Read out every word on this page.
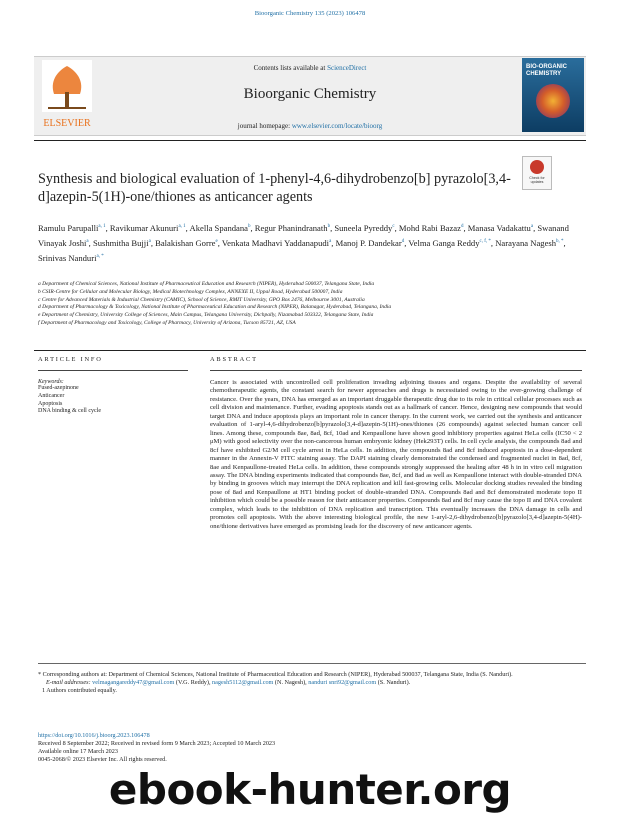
Bioorganic Chemistry 135 (2023) 106478
ELSEVIER
Contents lists available at ScienceDirect
Bioorganic Chemistry
journal homepage: www.elsevier.com/locate/bioorg
BIO-ORGANIC CHEMISTRY
Synthesis and biological evaluation of 1-phenyl-4,6-dihydrobenzo[b] pyrazolo[3,4-d]azepin-5(1H)-one/thiones as anticancer agents
Check for updates
Ramulu Parupalli$^{a, 1}$, Ravikumar Akunuri$^{a, 1}$, Akella Spandana$^b$, Regur Phanindranath$^b$, Suneela Pyreddy$^c$, Mohd Rabi Bazaz$^d$, Manasa Vadakattu$^a$, Swanand Vinayak Joshi$^a$, Sushmitha Bujji$^a$, Balakishan Gorre$^e$, Venkata Madhavi Yaddanapudi$^a$, Manoj P. Dandekar$^d$, Velma Ganga Reddy$^{c, f, *}$, Narayana Nagesh$^{b, *}$, Srinivas Nanduri$^{a, *}$
a Department of Chemical Sciences, National Institute of Pharmaceutical Education and Research (NIPER), Hyderabad 500037, Telangana State, India
b CSIR-Centre for Cellular and Molecular Biology, Medical Biotechnology Complex, ANNEXE II, Uppal Road, Hyderabad 500007, India
c Centre for Advanced Materials & Industrial Chemistry (CAMIC), School of Science, RMIT University, GPO Box 2476, Melbourne 3001, Australia
d Department of Pharmacology & Toxicology, National Institute of Pharmaceutical Education and Research (NIPER), Balanagar, Hyderabad, Telangana, India
e Department of Chemistry, University College of Sciences, Main Campus, Telangana University, Dichpally, Nizamabad 503322, Telangana State, India
f Department of Pharmacology and Toxicology, College of Pharmacy, University of Arizona, Tucson 85721, AZ, USA
ARTICLE INFO	ABSTRACT
Keywords:
Fused-azepinone
Anticancer
Apoptosis
DNA binding & cell cycle
Cancer is associated with uncontrolled cell proliferation invading adjoining tissues and organs. Despite the availability of several chemotherapeutic agents, the constant search for newer approaches and drugs is necessitated owing to the ever-growing challenge of resistance. Over the years, DNA has emerged as an important druggable therapeutic drug due to its role in critical cellular processes such as cell division and maintenance. Further, evading apoptosis stands out as a hallmark of cancer. Hence, designing new compounds that would target DNA and induce apoptosis plays an important role in cancer therapy. In the current work, we carried out the synthesis and anticancer evaluation of 1-aryl-4,6-dihydrobenzo[b]pyrazolo[3,4-d]azepin-5(1H)-ones/thiones (26 compounds) against selected human cancer cell lines. Among these, compounds 8ae, 8ad, 8cf, 10ad and Kenpaullone have shown good inhibitory properties against HeLa cells (IC50 < 2 μM) with good selectivity over the non-cancerous human embryonic kidney (Hek293T) cells. In cell cycle analysis, the compounds 8ad and 8cf have exhibited G2/M cell cycle arrest in HeLa cells. In addition, the compounds 8ad and 8cf induced apoptosis in a dose-dependent manner in the Annexin-V FITC staining assay. The DAPI staining clearly demonstrated the condensed and fragmented nuclei in 8ad, 8cf, 8ae and Kenpaullone-treated HeLa cells. In addition, these compounds strongly suppressed the healing after 48 h in in vitro cell migration assay. The DNA binding experiments indicated that compounds 8ae, 8cf, and 8ad as well as Kenpaullone interact with double-stranded DNA by binding in grooves which may interrupt the DNA replication and kill fast-growing cells. Molecular docking studies revealed the binding pose of 8ad and Kenpaullone at HT1 binding pocket of double-stranded DNA. Compounds 8ad and 8cf demonstrated moderate topo II inhibition which could be a possible reason for their anticancer properties. Compounds 8ad and 8cf may cause the topo II and DNA covalent complex, which leads to the inhibition of DNA replication and transcription. This eventually increases the DNA damage in cells and promotes cell apoptosis. With the above interesting biological profile, the new 1-aryl-2,6-dihydrobenzo[b]pyrazolo[3,4-d]azepin-5(4H)-one/thione derivatives have emerged as promising leads for the discovery of new anticancer agents.
* Corresponding authors at: Department of Chemical Sciences, National Institute of Pharmaceutical Education and Research (NIPER), Hyderabad 500037, Telangana State, India (S. Nanduri).
E-mail addresses: velmagangareddy47@gmail.com (V.G. Reddy), nagesh5112@gmail.com (N. Nagesh), nanduri snri92@gmail.com (S. Nanduri).
1 Authors contributed equally.
https://doi.org/10.1016/j.bioorg.2023.106478
Received 8 September 2022; Received in revised form 9 March 2023; Accepted 10 March 2023
Available online 17 March 2023
0045-2068/© 2023 Elsevier Inc. All rights reserved.
ebook-hunter.org
